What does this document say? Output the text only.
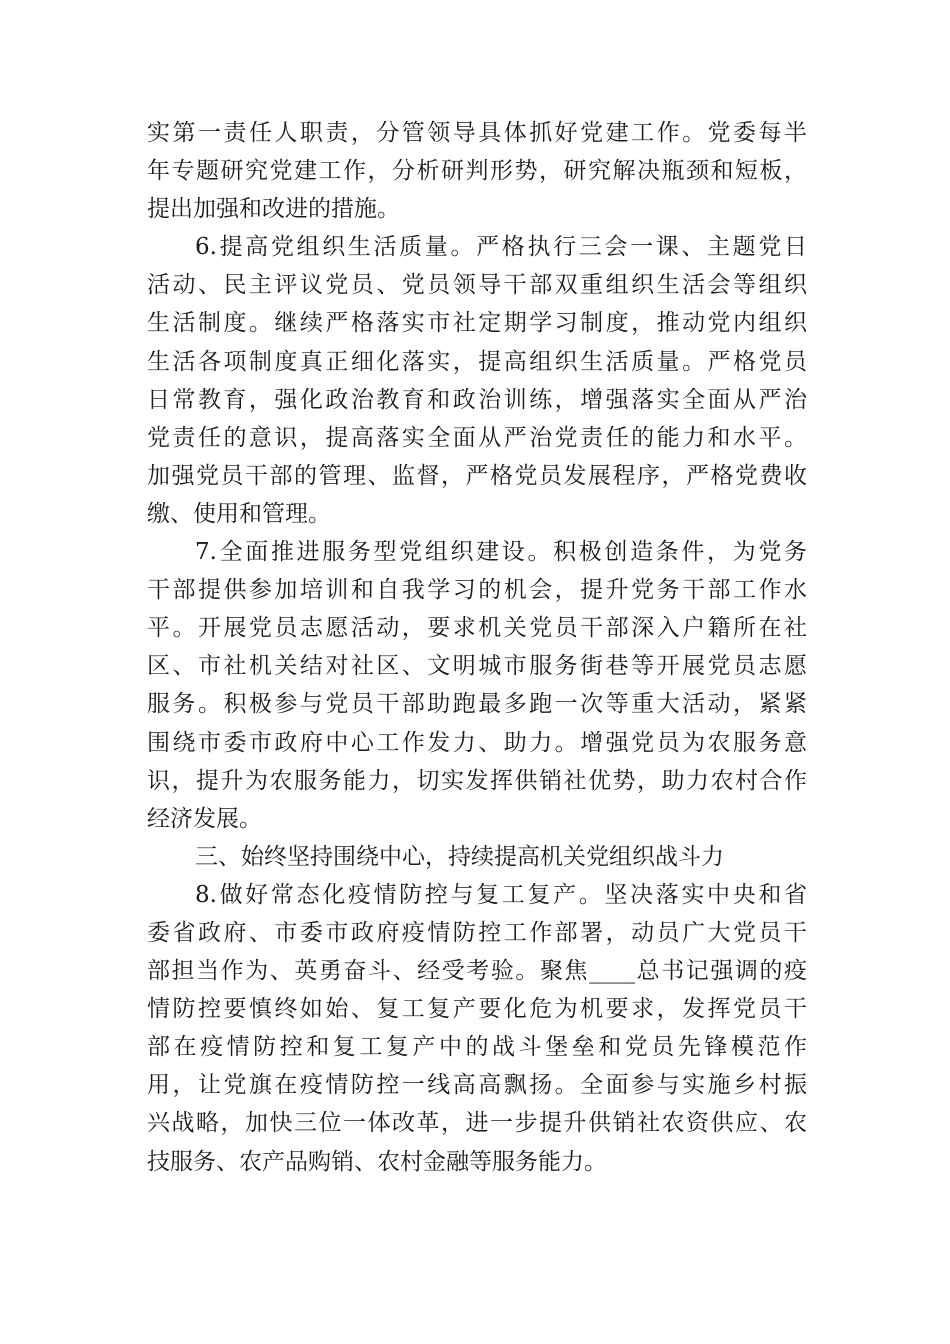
实第一责任人职责，分管领导具体抓好党建工作。党委每半
年专题研究党建工作，分析研判形势，研究解决瓶颈和短板，
提出加强和改进的措施。
6.提高党组织生活质量。严格执行三会一课、主题党日
活动、民主评议党员、党员领导干部双重组织生活会等组织
生活制度。继续严格落实市社定期学习制度，推动党内组织
生活各项制度真正细化落实，提高组织生活质量。严格党员
日常教育，强化政治教育和政治训练，增强落实全面从严治
党责任的意识，提高落实全面从严治党责任的能力和水平。
加强党员干部的管理、监督，严格党员发展程序，严格党费收
缴、使用和管理。
7.全面推进服务型党组织建设。积极创造条件，为党务
干部提供参加培训和自我学习的机会，提升党务干部工作水
平。开展党员志愿活动，要求机关党员干部深入户籍所在社
区、市社机关结对社区、文明城市服务街巷等开展党员志愿
服务。积极参与党员干部助跑最多跑一次等重大活动，紧紧
围绕市委市政府中心工作发力、助力。增强党员为农服务意
识，提升为农服务能力，切实发挥供销社优势，助力农村合作
经济发展。
三、始终坚持围绕中心，持续提高机关党组织战斗力
8.做好常态化疫情防控与复工复产。坚决落实中央和省
委省政府、市委市政府疫情防控工作部署，动员广大党员干
部担当作为、英勇奋斗、经受考验。聚焦____总书记强调的疫
情防控要慎终如始、复工复产要化危为机要求，发挥党员干
部在疫情防控和复工复产中的战斗堡垒和党员先锋模范作
用，让党旗在疫情防控一线高高飘扬。全面参与实施乡村振
兴战略，加快三位一体改革，进一步提升供销社农资供应、农
技服务、农产品购销、农村金融等服务能力。
